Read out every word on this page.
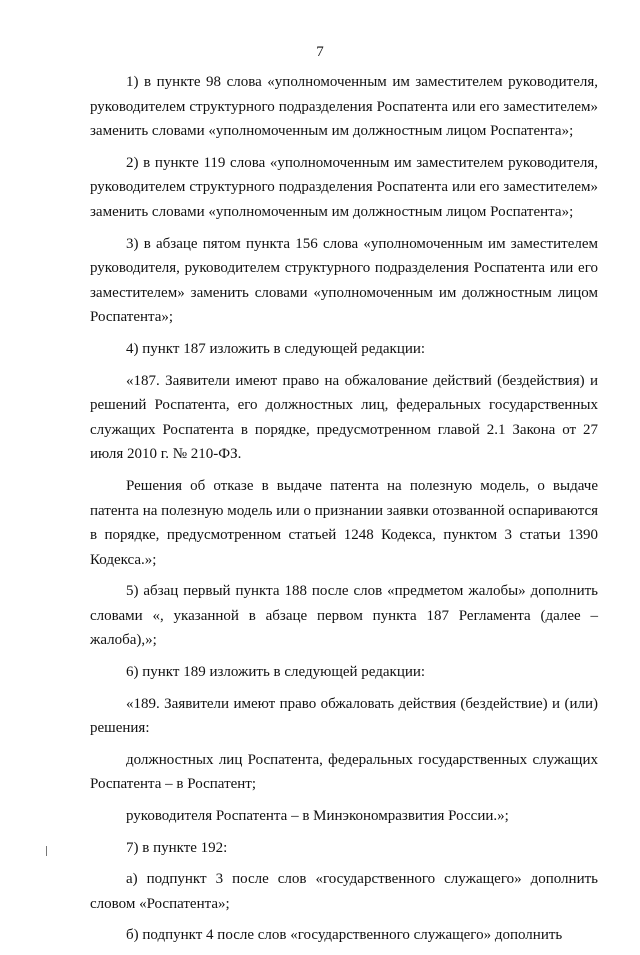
7

1) в пункте 98 слова «уполномоченным им заместителем руководителя, руководителем структурного подразделения Роспатента или его заместителем» заменить словами «уполномоченным им должностным лицом Роспатента»;

2) в пункте 119 слова «уполномоченным им заместителем руководителя, руководителем структурного подразделения Роспатента или его заместителем» заменить словами «уполномоченным им должностным лицом Роспатента»;

3) в абзаце пятом пункта 156 слова «уполномоченным им заместителем руководителя, руководителем структурного подразделения Роспатента или его заместителем» заменить словами «уполномоченным им должностным лицом Роспатента»;

4) пункт 187 изложить в следующей редакции:

«187. Заявители имеют право на обжалование действий (бездействия) и решений Роспатента, его должностных лиц, федеральных государственных служащих Роспатента в порядке, предусмотренном главой 2.1 Закона от 27 июля 2010 г. № 210-ФЗ.

Решения об отказе в выдаче патента на полезную модель, о выдаче патента на полезную модель или о признании заявки отозванной оспариваются в порядке, предусмотренном статьей 1248 Кодекса, пунктом 3 статьи 1390 Кодекса.»;

5) абзац первый пункта 188 после слов «предметом жалобы» дополнить словами «, указанной в абзаце первом пункта 187 Регламента (далее – жалоба),»;

6) пункт 189 изложить в следующей редакции:

«189. Заявители имеют право обжаловать действия (бездействие) и (или) решения:

должностных лиц Роспатента, федеральных государственных служащих Роспатента – в Роспатент;

руководителя Роспатента – в Минэкономразвития России.»;

7) в пункте 192:

а) подпункт 3 после слов «государственного служащего» дополнить словом «Роспатента»;

б) подпункт 4 после слов «государственного служащего» дополнить
